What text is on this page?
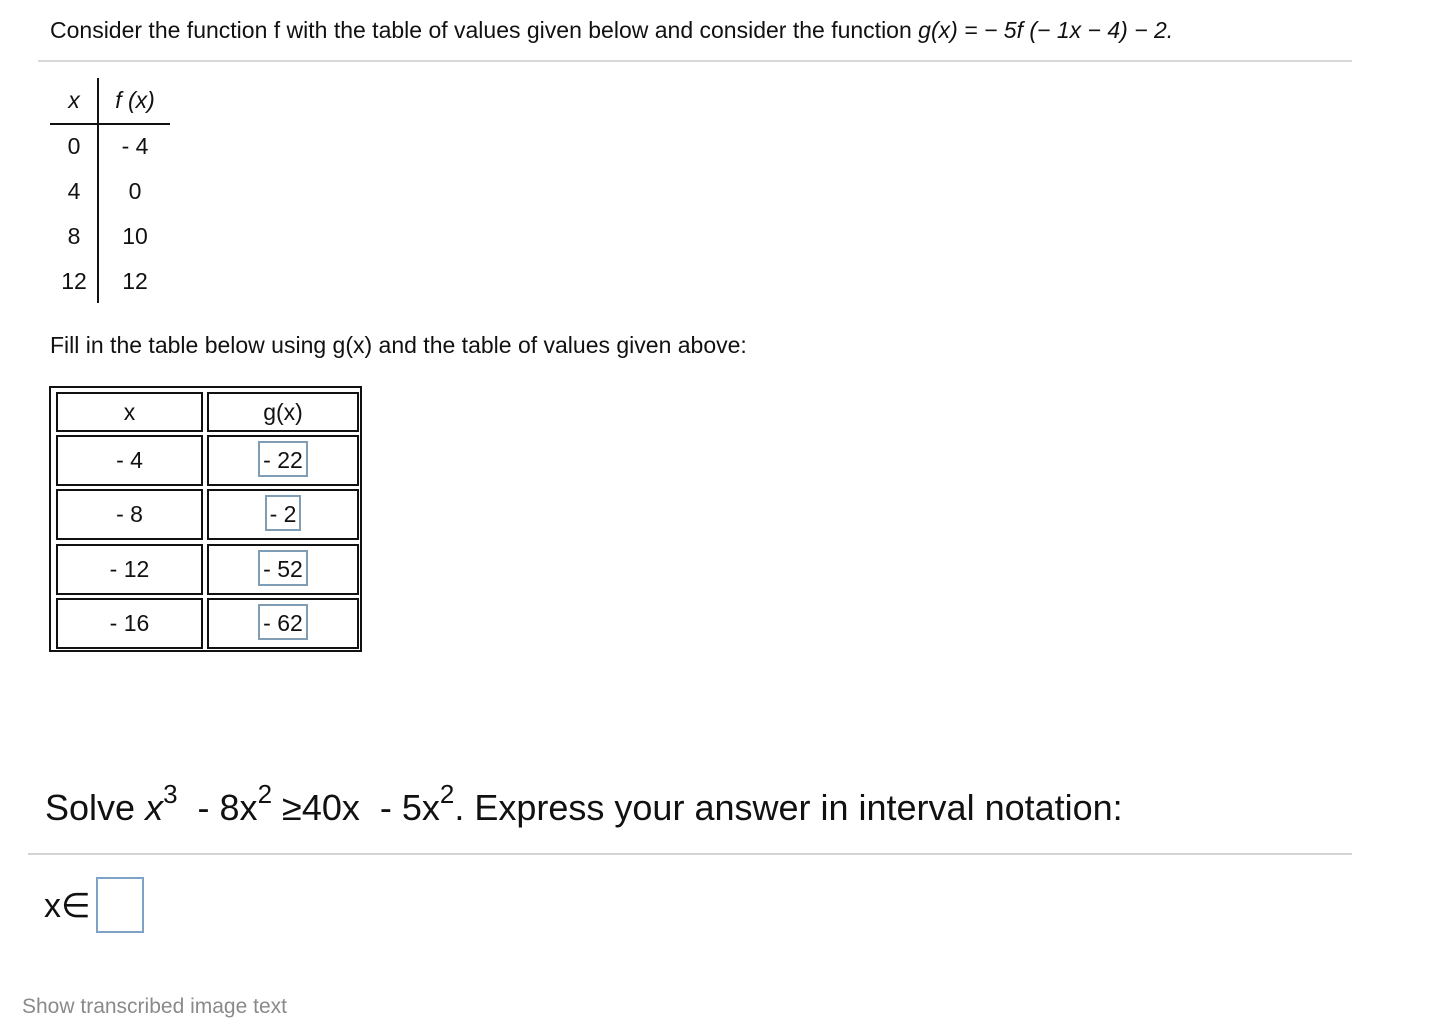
Consider the function f with the table of values given below and consider the function g(x) = − 5f (− 1x − 4) − 2.
x	f (x)
0	- 4
4	0
8	10
12	12
Fill in the table below using g(x) and the table of values given above:
x	g(x)
- 4	- 22
- 8	- 2
- 12	- 52
- 16	- 62
Solve $x^3 - 8x^2 \ge 40x - 5x^2$. Express your answer in interval notation:
x∈
Show transcribed image text
